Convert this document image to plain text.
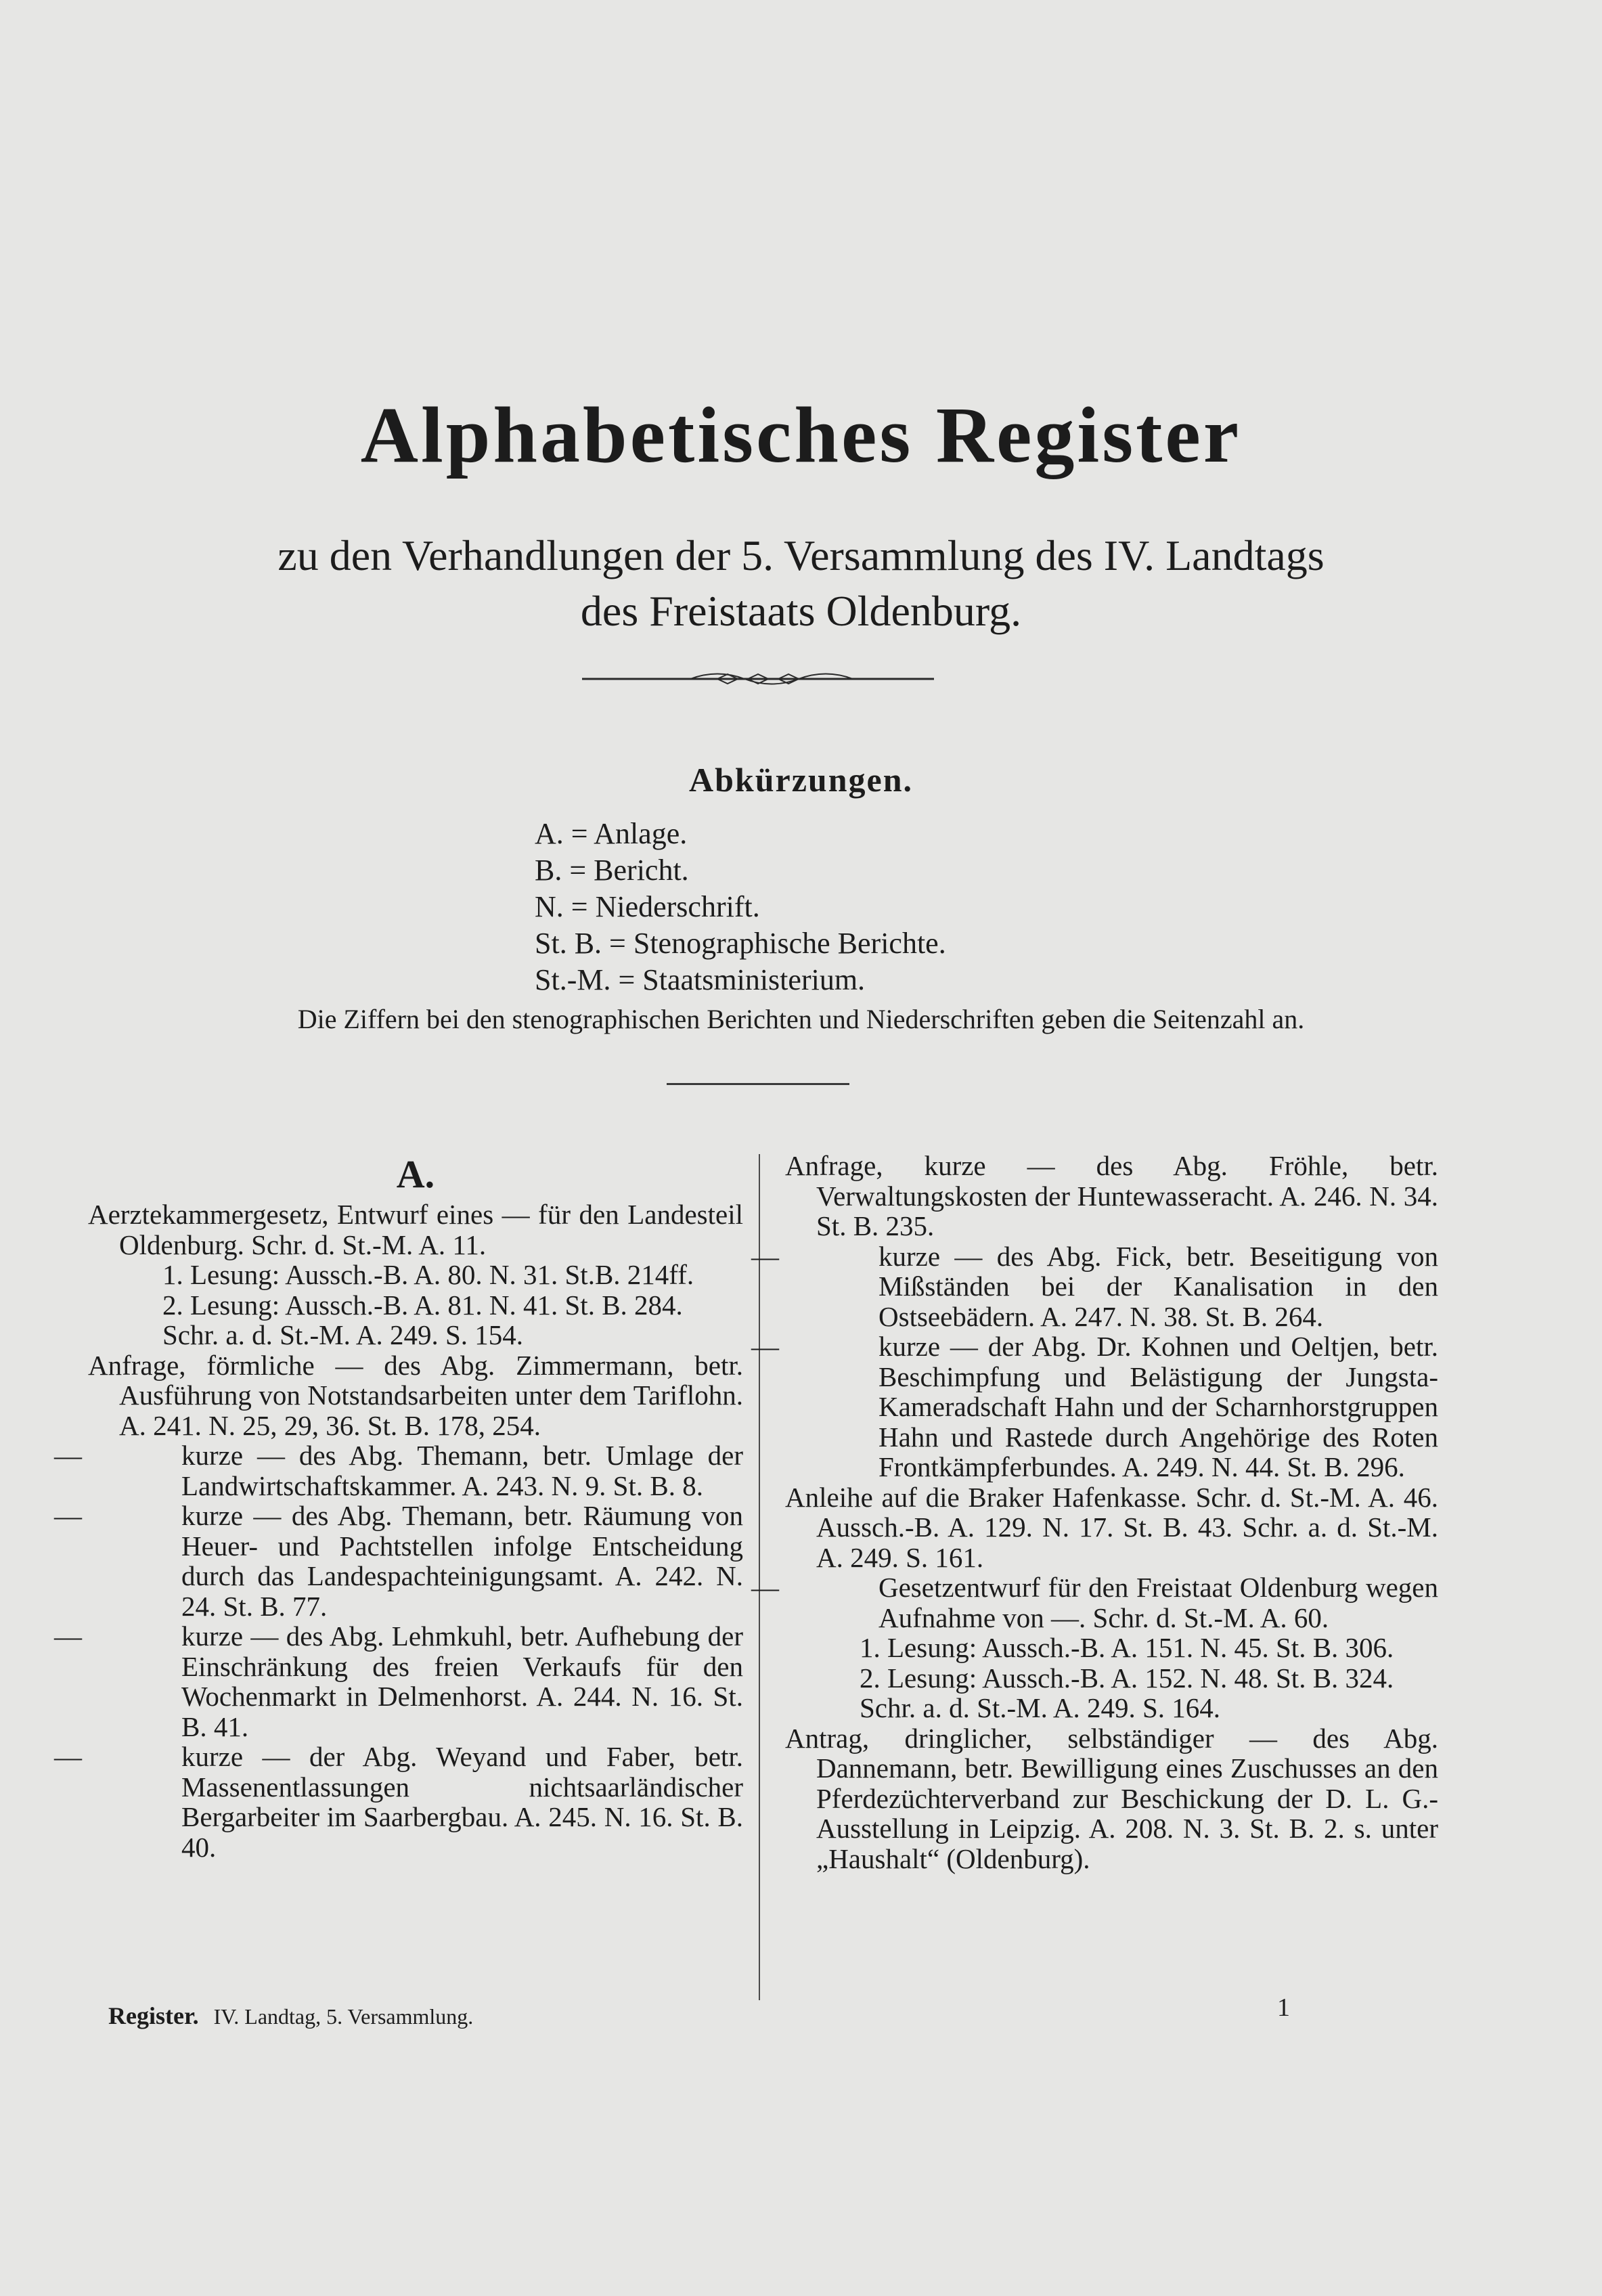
Alphabetisches Register
zu den Verhandlungen der 5. Versammlung des IV. Landtags
des Freistaats Oldenburg.
Abkürzungen.
A. = Anlage.
B. = Bericht.
N. = Niederschrift.
St. B. = Stenographische Berichte.
St.-M. = Staatsministerium.
Die Ziffern bei den stenographischen Berichten und Niederschriften geben die Seitenzahl an.
A.
Aerztekammergesetz, Entwurf eines — für den Landesteil Oldenburg. Schr. d. St.-M. A. 11.
1. Lesung: Aussch.-B. A. 80. N. 31. St.B. 214ff.
2. Lesung: Aussch.-B. A. 81. N. 41. St. B. 284.
Schr. a. d. St.-M. A. 249. S. 154.
Anfrage, förmliche — des Abg. Zimmermann, betr. Ausführung von Notstandsarbeiten unter dem Tariflohn. A. 241. N. 25, 29, 36. St. B. 178, 254.
—	kurze — des Abg. Themann, betr. Umlage der Landwirtschaftskammer. A. 243. N. 9. St. B. 8.
—	kurze — des Abg. Themann, betr. Räumung von Heuer- und Pachtstellen infolge Entscheidung durch das Landespachteinigungsamt. A. 242. N. 24. St. B. 77.
—	kurze — des Abg. Lehmkuhl, betr. Aufhebung der Einschränkung des freien Verkaufs für den Wochenmarkt in Delmenhorst. A. 244. N. 16. St. B. 41.
—	kurze — der Abg. Weyand und Faber, betr. Massenentlassungen nichtsaarländischer Bergarbeiter im Saarbergbau. A. 245. N. 16. St. B. 40.
Anfrage, kurze — des Abg. Fröhle, betr. Verwaltungskosten der Huntewasseracht. A. 246. N. 34. St. B. 235.
—	kurze — des Abg. Fick, betr. Beseitigung von Mißständen bei der Kanalisation in den Ostseebädern. A. 247. N. 38. St. B. 264.
—	kurze — der Abg. Dr. Kohnen und Oeltjen, betr. Beschimpfung und Belästigung der Jungsta-Kameradschaft Hahn und der Scharnhorstgruppen Hahn und Rastede durch Angehörige des Roten Frontkämpferbundes. A. 249. N. 44. St. B. 296.
Anleihe auf die Braker Hafenkasse. Schr. d. St.-M. A. 46. Aussch.-B. A. 129. N. 17. St. B. 43. Schr. a. d. St.-M. A. 249. S. 161.
—	Gesetzentwurf für den Freistaat Oldenburg wegen Aufnahme von —. Schr. d. St.-M. A. 60.
1. Lesung: Aussch.-B. A. 151. N. 45. St. B. 306.
2. Lesung: Aussch.-B. A. 152. N. 48. St. B. 324.
Schr. a. d. St.-M. A. 249. S. 164.
Antrag, dringlicher, selbständiger — des Abg. Dannemann, betr. Bewilligung eines Zuschusses an den Pferdezüchterverband zur Beschickung der D. L. G.-Ausstellung in Leipzig. A. 208. N. 3. St. B. 2. s. unter „Haushalt“ (Oldenburg).
Register. IV. Landtag, 5. Versammlung.	1
